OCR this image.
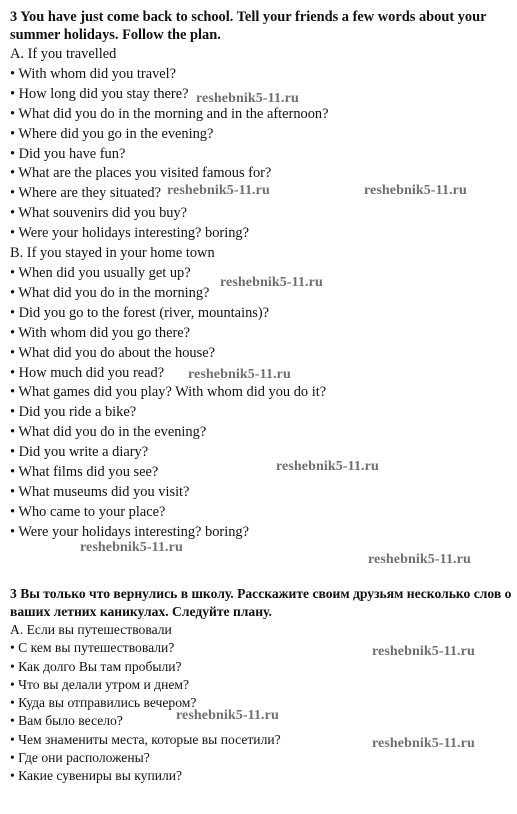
3 You have just come back to school. Tell your friends a few words about your summer holidays. Follow the plan.
A. If you travelled
• With whom did you travel?
• How long did you stay there?
• What did you do in the morning and in the afternoon?
• Where did you go in the evening?
• Did you have fun?
• What are the places you visited famous for?
• Where are they situated?
• What souvenirs did you buy?
• Were your holidays interesting? boring?
B. If you stayed in your home town
• When did you usually get up?
• What did you do in the morning?
• Did you go to the forest (river, mountains)?
• With whom did you go there?
• What did you do about the house?
• How much did you read?
• What games did you play? With whom did you do it?
• Did you ride a bike?
• What did you do in the evening?
• Did you write a diary?
• What films did you see?
• What museums did you visit?
• Who came to your place?
• Were your holidays interesting? boring?
3 Вы только что вернулись в школу. Расскажите своим друзьям несколько слов о ваших летних каникулах. Следуйте плану.
А. Если вы путешествовали
• С кем вы путешествовали?
• Как долго Вы там пробыли?
• Что вы делали утром и днем?
• Куда вы отправились вечером?
• Вам было весело?
• Чем знамениты места, которые вы посетили?
• Где они расположены?
• Какие сувениры вы купили?
reshebnik5-11.ru
reshebnik5-11.ru	reshebnik5-11.ru
reshebnik5-11.ru
reshebnik5-11.ru
reshebnik5-11.ru
reshebnik5-11.ru
reshebnik5-11.ru
reshebnik5-11.ru
reshebnik5-11.ru
reshebnik5-11.ru
